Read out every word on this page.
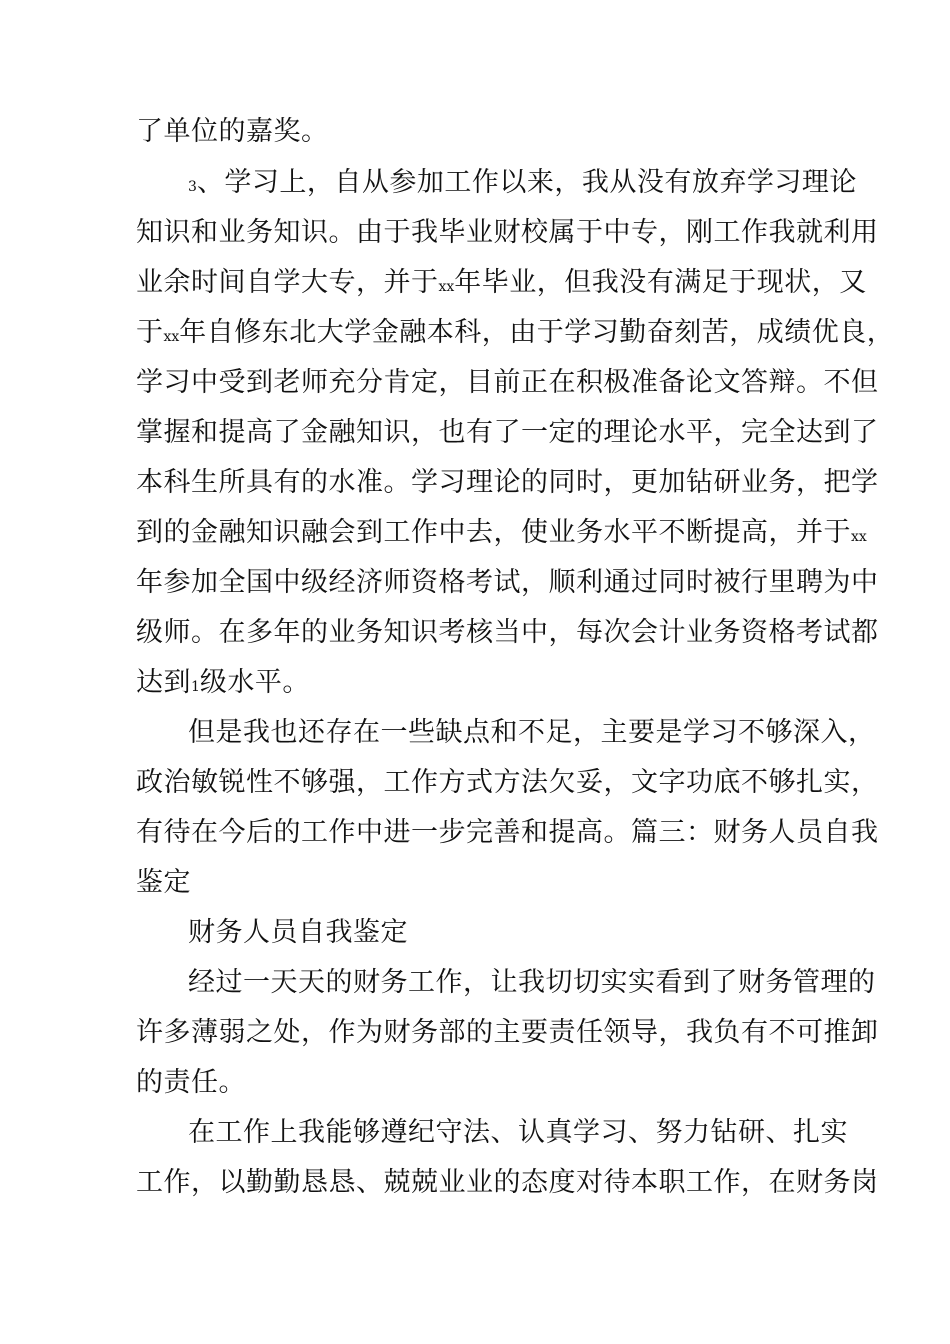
了单位的嘉奖。
3、学习上，自从参加工作以来，我从没有放弃学习理论
知识和业务知识。由于我毕业财校属于中专，刚工作我就利用
业余时间自学大专，并于xx年毕业，但我没有满足于现状，又
于xx年自修东北大学金融本科，由于学习勤奋刻苦，成绩优良，
学习中受到老师充分肯定，目前正在积极准备论文答辩。不但
掌握和提高了金融知识，也有了一定的理论水平，完全达到了
本科生所具有的水准。学习理论的同时，更加钻研业务，把学
到的金融知识融会到工作中去，使业务水平不断提高，并于xx
年参加全国中级经济师资格考试，顺利通过同时被行里聘为中
级师。在多年的业务知识考核当中，每次会计业务资格考试都
达到1级水平。
但是我也还存在一些缺点和不足，主要是学习不够深入，
政治敏锐性不够强，工作方式方法欠妥，文字功底不够扎实，
有待在今后的工作中进一步完善和提高。篇三：财务人员自我
鉴定
财务人员自我鉴定
经过一天天的财务工作，让我切切实实看到了财务管理的
许多薄弱之处，作为财务部的主要责任领导，我负有不可推卸
的责任。
在工作上我能够遵纪守法、认真学习、努力钻研、扎实
工作，以勤勤恳恳、兢兢业业的态度对待本职工作，在财务岗
